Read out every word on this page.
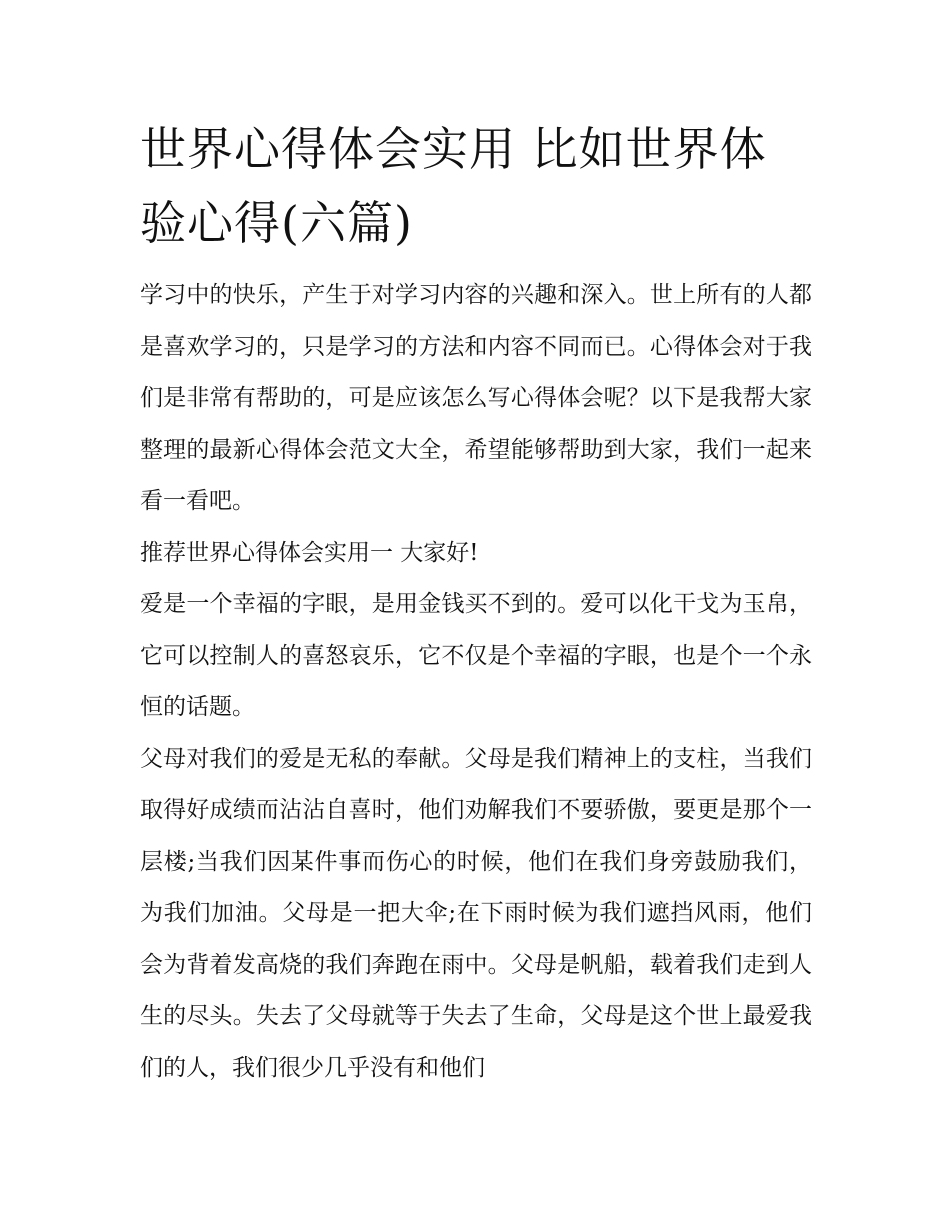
世界心得体会实用 比如世界体验心得(六篇)

学习中的快乐，产生于对学习内容的兴趣和深入。世上所有的人都是喜欢学习的，只是学习的方法和内容不同而已。心得体会对于我们是非常有帮助的，可是应该怎么写心得体会呢？以下是我帮大家整理的最新心得体会范文大全，希望能够帮助到大家，我们一起来看一看吧。

推荐世界心得体会实用一 大家好!

爱是一个幸福的字眼，是用金钱买不到的。爱可以化干戈为玉帛，它可以控制人的喜怒哀乐，它不仅是个幸福的字眼，也是个一个永恒的话题。

父母对我们的爱是无私的奉献。父母是我们精神上的支柱，当我们取得好成绩而沾沾自喜时，他们劝解我们不要骄傲，要更是那个一层楼;当我们因某件事而伤心的时候，他们在我们身旁鼓励我们，为我们加油。父母是一把大伞;在下雨时候为我们遮挡风雨，他们会为背着发高烧的我们奔跑在雨中。父母是帆船，载着我们走到人生的尽头。失去了父母就等于失去了生命，父母是这个世上最爱我们的人，我们很少几乎没有和他们
